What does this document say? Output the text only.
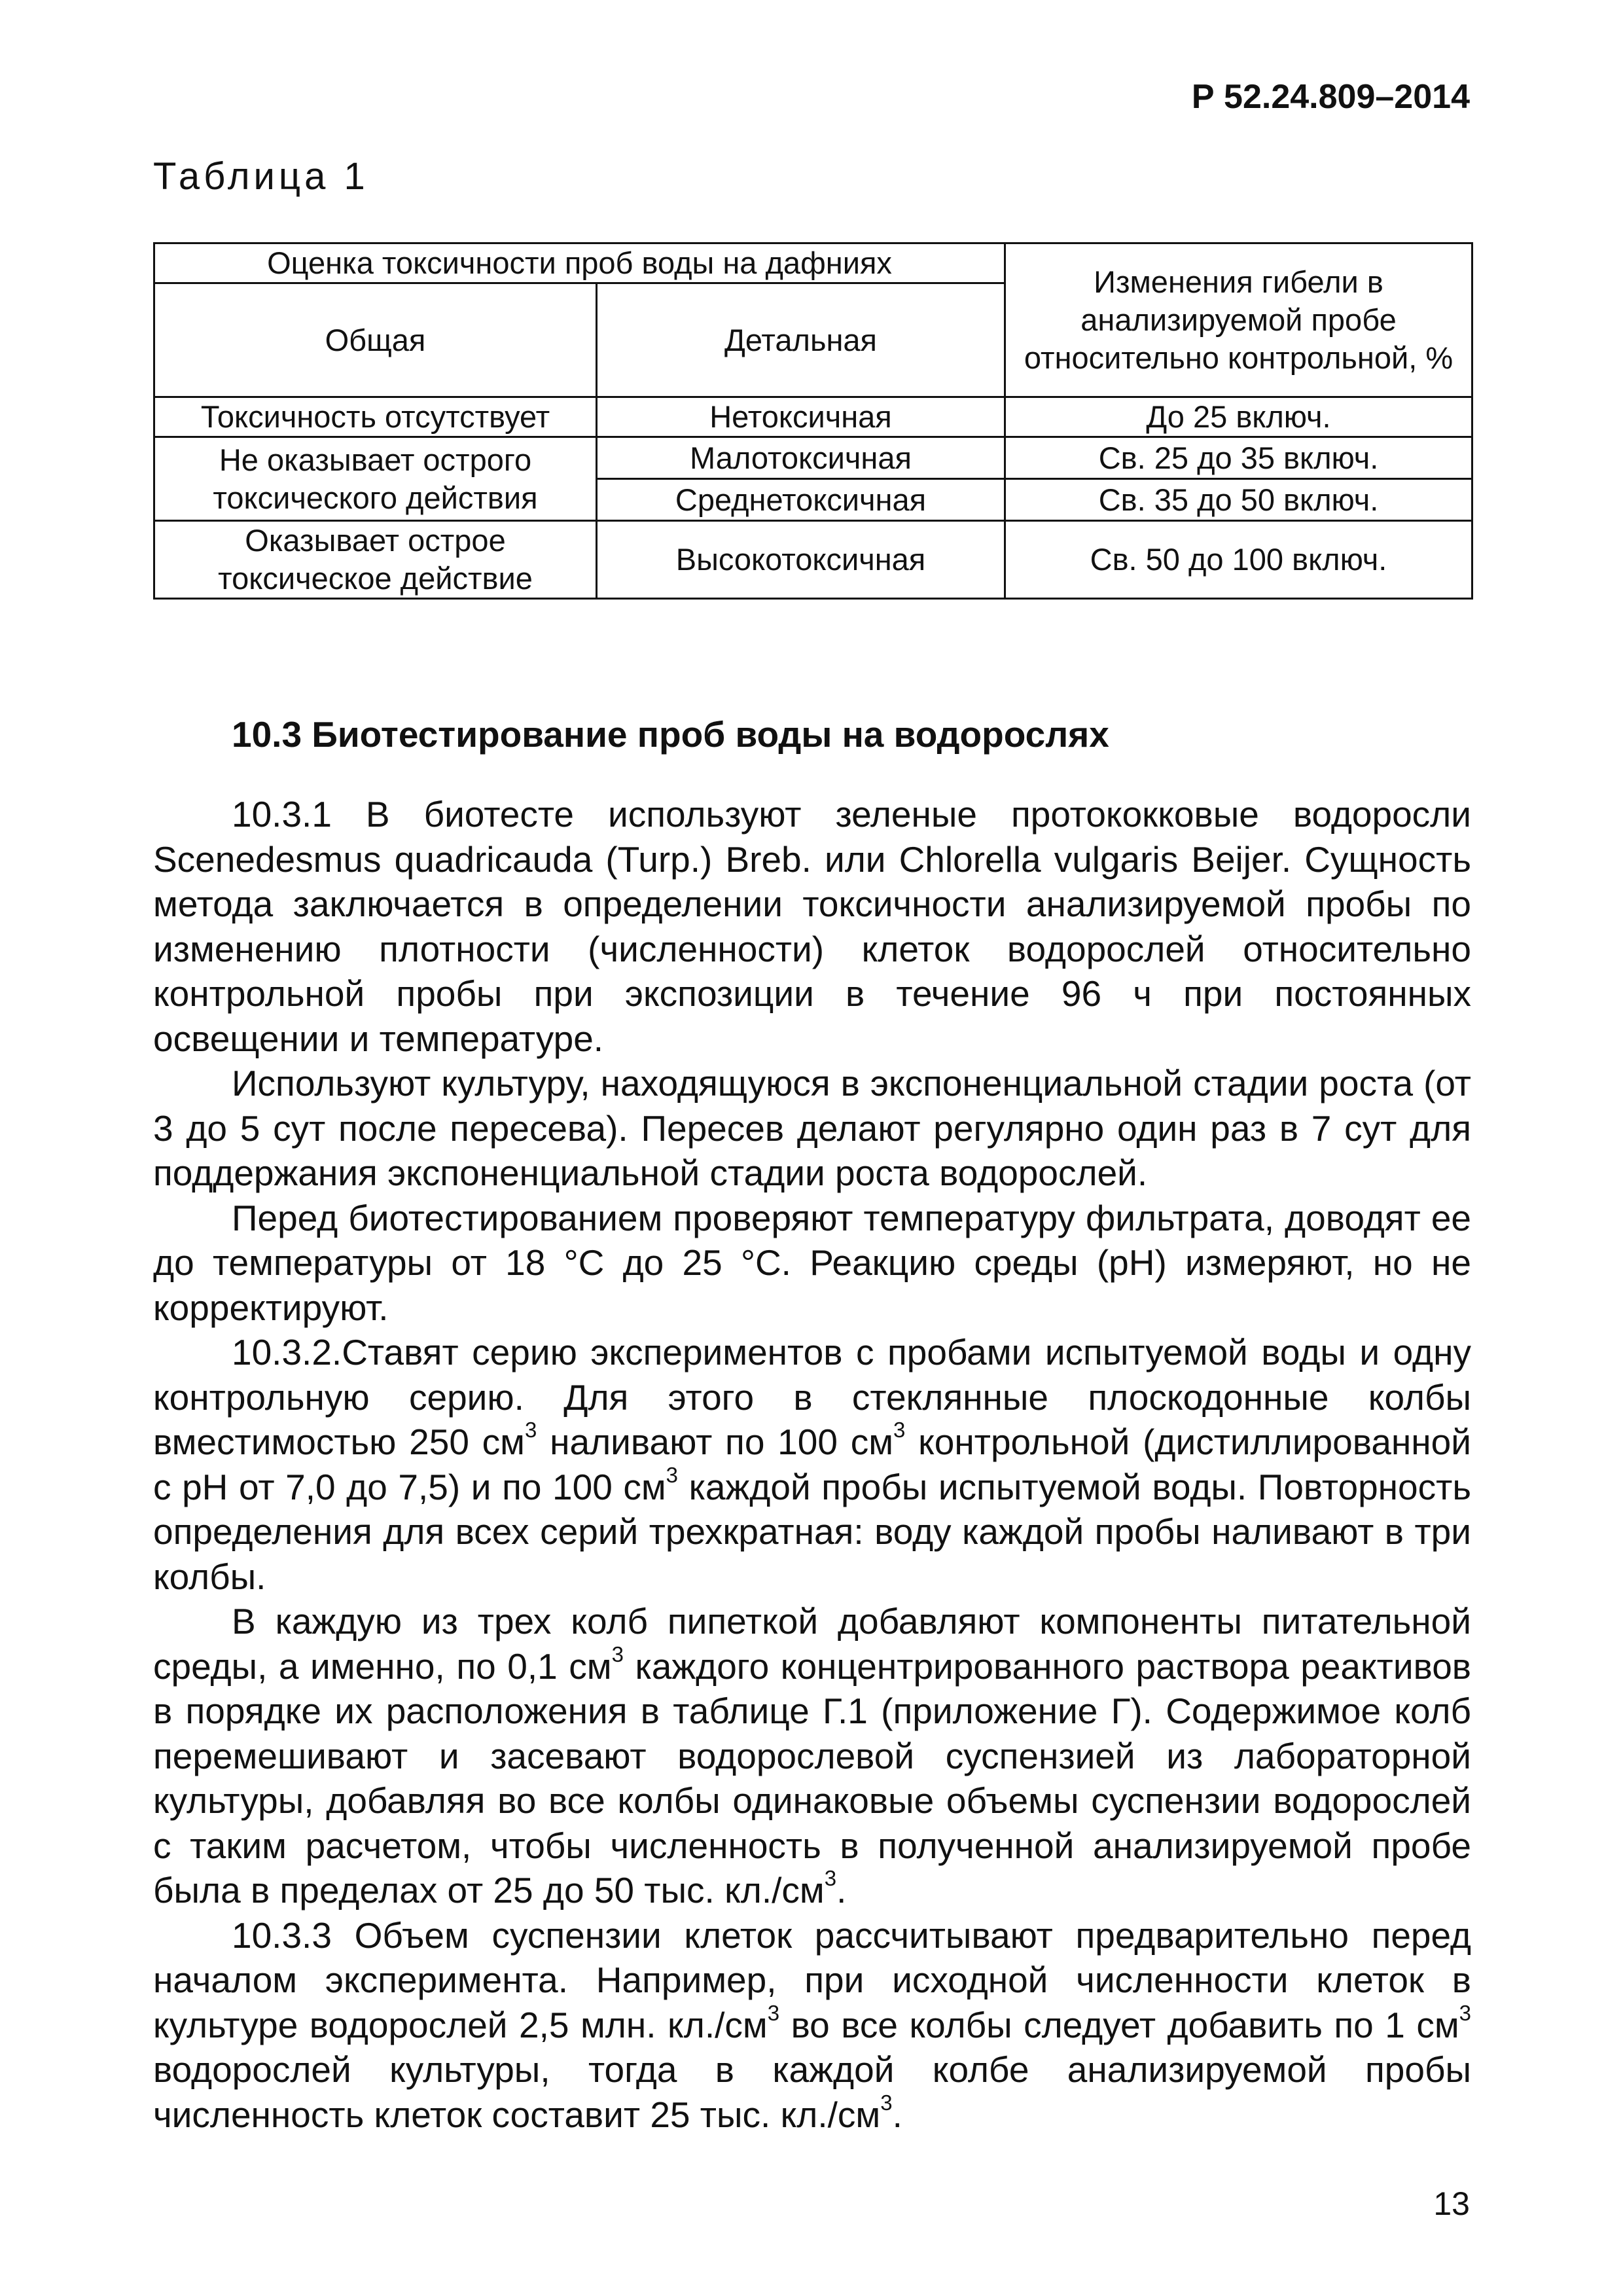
Р 52.24.809–2014
Таблица 1
Оценка токсичности проб воды на дафниях		Изменения гибели в анализируемой пробе относительно контрольной, %
Общая	Детальная	
Токсичность отсутствует	Нетоксичная	До 25 включ.
Не оказывает острого токсического действия	Малотоксичная	Св. 25 до 35 включ.
	Среднетоксичная	Св. 35 до 50 включ.
Оказывает острое токсическое действие	Высокотоксичная	Св. 50 до 100 включ.
10.3 Биотестирование проб воды на водорослях

10.3.1 В биотесте используют зеленые протококковые водоросли Scenedesmus quadricauda (Turp.) Breb. или Chlorella vulgaris Beijer. Сущность метода заключается в определении токсичности анализируемой пробы по изменению плотности (численности) клеток водорослей относительно контрольной пробы при экспозиции в течение 96 ч при постоянных освещении и температуре.

Используют культуру, находящуюся в экспоненциальной стадии роста (от 3 до 5 сут после пересева). Пересев делают регулярно один раз в 7 сут для поддержания экспоненциальной стадии роста водорослей.

Перед биотестированием проверяют температуру фильтрата, доводят ее до температуры от 18 °С до 25 °С. Реакцию среды (pH) измеряют, но не корректируют.

10.3.2.Ставят серию экспериментов с пробами испытуемой воды и одну контрольную серию. Для этого в стеклянные плоскодонные колбы вместимостью 250 $см^3$ наливают по 100 $см^3$ контрольной (дистиллированной с pH от 7,0 до 7,5) и по 100 $см^3$ каждой пробы испытуемой воды. Повторность определения для всех серий трехкратная: воду каждой пробы наливают в три колбы.

В каждую из трех колб пипеткой добавляют компоненты питательной среды, а именно, по 0,1 $см^3$ каждого концентрированного раствора реактивов в порядке их расположения в таблице Г.1 (приложение Г). Содержимое колб перемешивают и засевают водорослевой суспензией из лабораторной культуры, добавляя во все колбы одинаковые объемы суспензии водорослей с таким расчетом, чтобы численность в полученной анализируемой пробе была в пределах от 25 до 50 тыс. $кл./см^3$.

10.3.3 Объем суспензии клеток рассчитывают предварительно перед началом эксперимента. Например, при исходной численности клеток в культуре водорослей 2,5 млн. $кл./см^3$ во все колбы следует добавить по 1 $см^3$ водорослей культуры, тогда в каждой колбе анализируемой пробы численность клеток составит 25 тыс. $кл./см^3$.

13
